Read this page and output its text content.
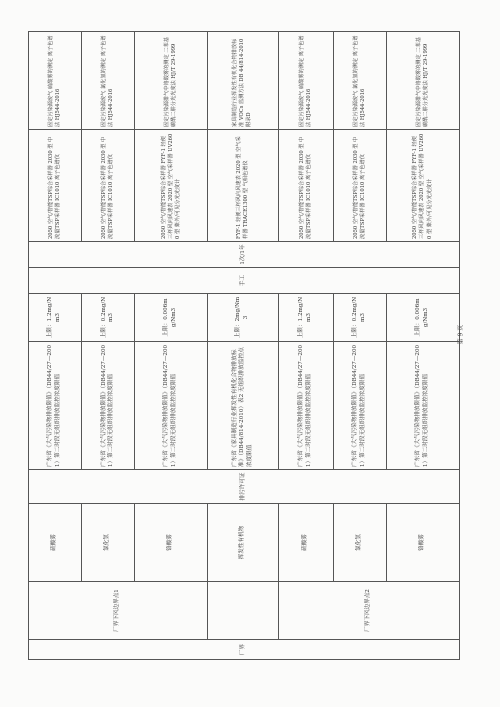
厂界	厂界下风边界点1	硫酸雾	排污许可证	广东省《大气污染物排放限值》（DB44/27—2001）第二时段无组织排放监控浓度限值	上限：1.2mg/Nm3	手工	1次/1年	2050 空气/智能TSP综合采样器 2030 型 中流量TSP采样器 IC1010 离子色谱仪	固定污染源废气 硫酸雾的测定 离子色谱法 HJ544-2016
		氯化氢		广东省《大气污染物排放限值》（DB44/27—2001）第二时段无组织排放监控浓度限值	上限：0.2mg/Nm3			2050 空气/智能TSP综合采样器 2030 型 中流量TSP采样器 IC1010 离子色谱仪	固定污染源废气 氯化氢的测定 离子色谱法 HJ544-2016
		铬酸雾		广东省《大气污染物排放限值》（DB44/27—2001）第二时段无组织排放监控浓度限值	上限：0.006mg/Nm3			2050 空气/智能TSP综合采样器 FYF-1 轻便三杯风向风速表 2020 型 空气采样器 UV2600 型 紫外/可见分光光度计	固定污染源排气中铬酸雾的测定 二苯基碳酰二肼分光光度法 HJ/T 29-1999
		挥发性有机物		广东省《家具制造行业挥发性有机化合物排放标准》（DB44/814-2010）表2 无组织排放监控点浓度限值	上限：2mg/Nm3			FYF-1 轻便三杯风向风速表 2020 型 空气采样器 TRACE1300 型 气相色谱仪	家具制造行业挥发性有机化合物排放标准 VOCs 监测方法 DB 44/814-2010 附录D
	厂界下风边界点2	硫酸雾		广东省《大气污染物排放限值》（DB44/27—2001）第二时段无组织排放监控浓度限值	上限：1.2mg/Nm3			2050 空气/智能TSP综合采样器 2030 型 中流量TSP采样器 IC1010 离子色谱仪	固定污染源废气 硫酸雾的测定 离子色谱法 HJ544-2016
		氯化氢		广东省《大气污染物排放限值》（DB44/27—2001）第二时段无组织排放监控浓度限值	上限：0.2mg/Nm3			2050 空气/智能TSP综合采样器 2030 型 中流量TSP采样器 IC1010 离子色谱仪	固定污染源废气 氯化氢的测定 离子色谱法 HJ544-2016
		铬酸雾		广东省《大气污染物排放限值》（DB44/27—2001）第二时段无组织排放监控浓度限值	上限：0.006mg/Nm3			2050 空气/智能TSP综合采样器 FYF-1 轻便三杯风向风速表 2020 型 空气采样器 UV2600 型 紫外/可见分光光度计	固定污染源排气中铬酸雾的测定 二苯基碳酰二肼分光光度法 HJ/T 29-1999
第 9 页
